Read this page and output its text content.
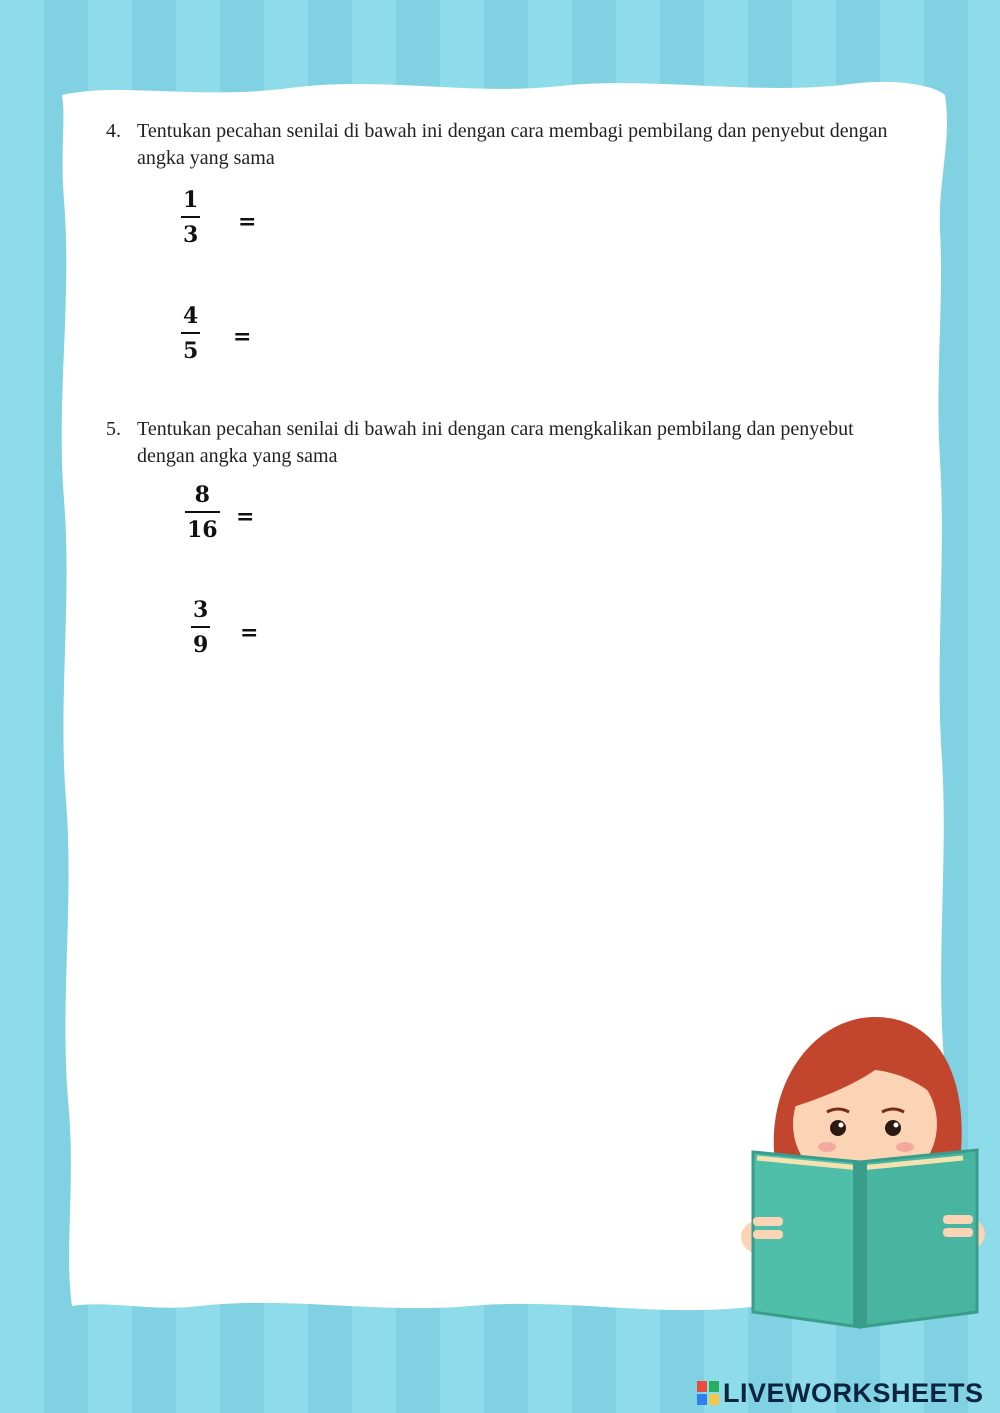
4. Tentukan pecahan senilai di bawah ini dengan cara membagi pembilang dan penyebut dengan angka yang sama
1
3 =
4
5
=
5. Tentukan pecahan senilai di bawah ini dengan cara mengkalikan pembilang dan penyebut dengan angka yang sama
8
16 =
3
9 =
LIVEWORKSHEETS
